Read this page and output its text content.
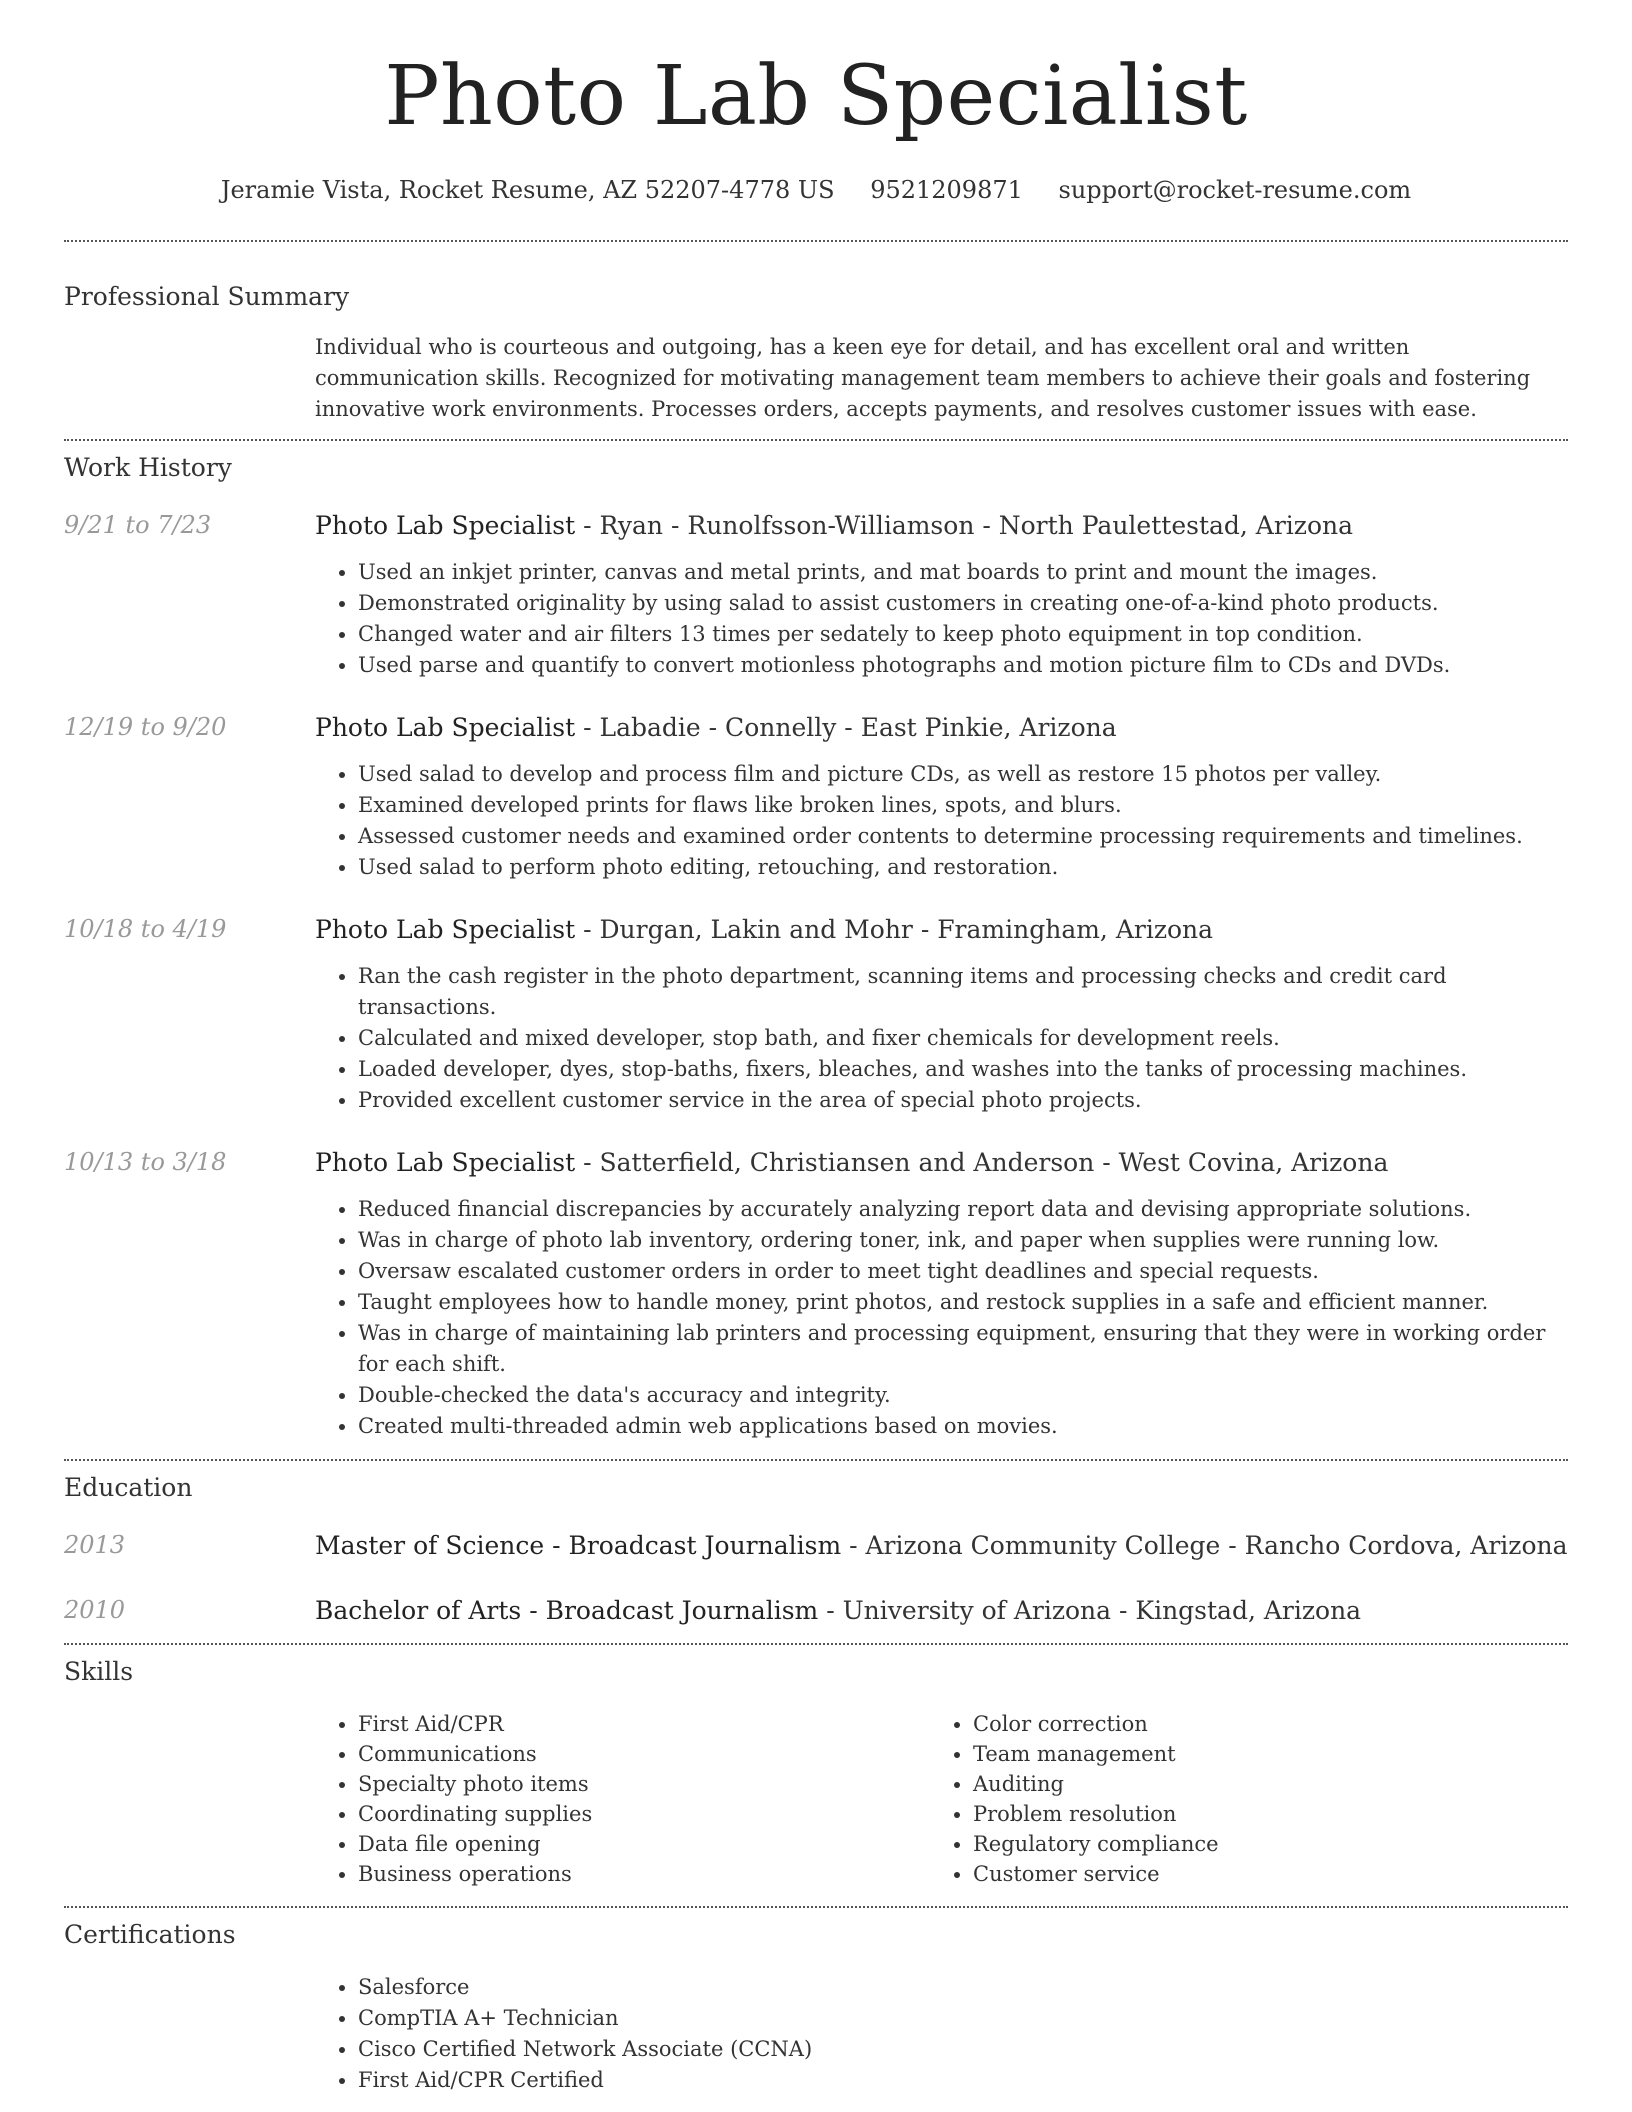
Photo Lab Specialist
Jeramie Vista, Rocket Resume, AZ 52207-4778 US 9521209871 support@rocket-resume.com
Professional Summary
Individual who is courteous and outgoing, has a keen eye for detail, and has excellent oral and written communication skills. Recognized for motivating management team members to achieve their goals and fostering innovative work environments. Processes orders, accepts payments, and resolves customer issues with ease.
Work History
9/21 to 7/23	Photo Lab Specialist - Ryan - Runolfsson-Williamson - North Paulettestad, Arizona
• Used an inkjet printer, canvas and metal prints, and mat boards to print and mount the images.
• Demonstrated originality by using salad to assist customers in creating one-of-a-kind photo products.
• Changed water and air filters 13 times per sedately to keep photo equipment in top condition.
• Used parse and quantify to convert motionless photographs and motion picture film to CDs and DVDs.
12/19 to 9/20	Photo Lab Specialist - Labadie - Connelly - East Pinkie, Arizona
• Used salad to develop and process film and picture CDs, as well as restore 15 photos per valley.
• Examined developed prints for flaws like broken lines, spots, and blurs.
• Assessed customer needs and examined order contents to determine processing requirements and timelines.
• Used salad to perform photo editing, retouching, and restoration.
10/18 to 4/19	Photo Lab Specialist - Durgan, Lakin and Mohr - Framingham, Arizona
• Ran the cash register in the photo department, scanning items and processing checks and credit card transactions.
• Calculated and mixed developer, stop bath, and fixer chemicals for development reels.
• Loaded developer, dyes, stop-baths, fixers, bleaches, and washes into the tanks of processing machines.
• Provided excellent customer service in the area of special photo projects.
10/13 to 3/18	Photo Lab Specialist - Satterfield, Christiansen and Anderson - West Covina, Arizona
• Reduced financial discrepancies by accurately analyzing report data and devising appropriate solutions.
• Was in charge of photo lab inventory, ordering toner, ink, and paper when supplies were running low.
• Oversaw escalated customer orders in order to meet tight deadlines and special requests.
• Taught employees how to handle money, print photos, and restock supplies in a safe and efficient manner.
• Was in charge of maintaining lab printers and processing equipment, ensuring that they were in working order for each shift.
• Double-checked the data's accuracy and integrity.
• Created multi-threaded admin web applications based on movies.
Education
2013	Master of Science - Broadcast Journalism - Arizona Community College - Rancho Cordova, Arizona
2010	Bachelor of Arts - Broadcast Journalism - University of Arizona - Kingstad, Arizona
Skills
• First Aid/CPR
• Communications
• Specialty photo items
• Coordinating supplies
• Data file opening
• Business operations
• Color correction
• Team management
• Auditing
• Problem resolution
• Regulatory compliance
• Customer service
Certifications
• Salesforce
• CompTIA A+ Technician
• Cisco Certified Network Associate (CCNA)
• First Aid/CPR Certified
